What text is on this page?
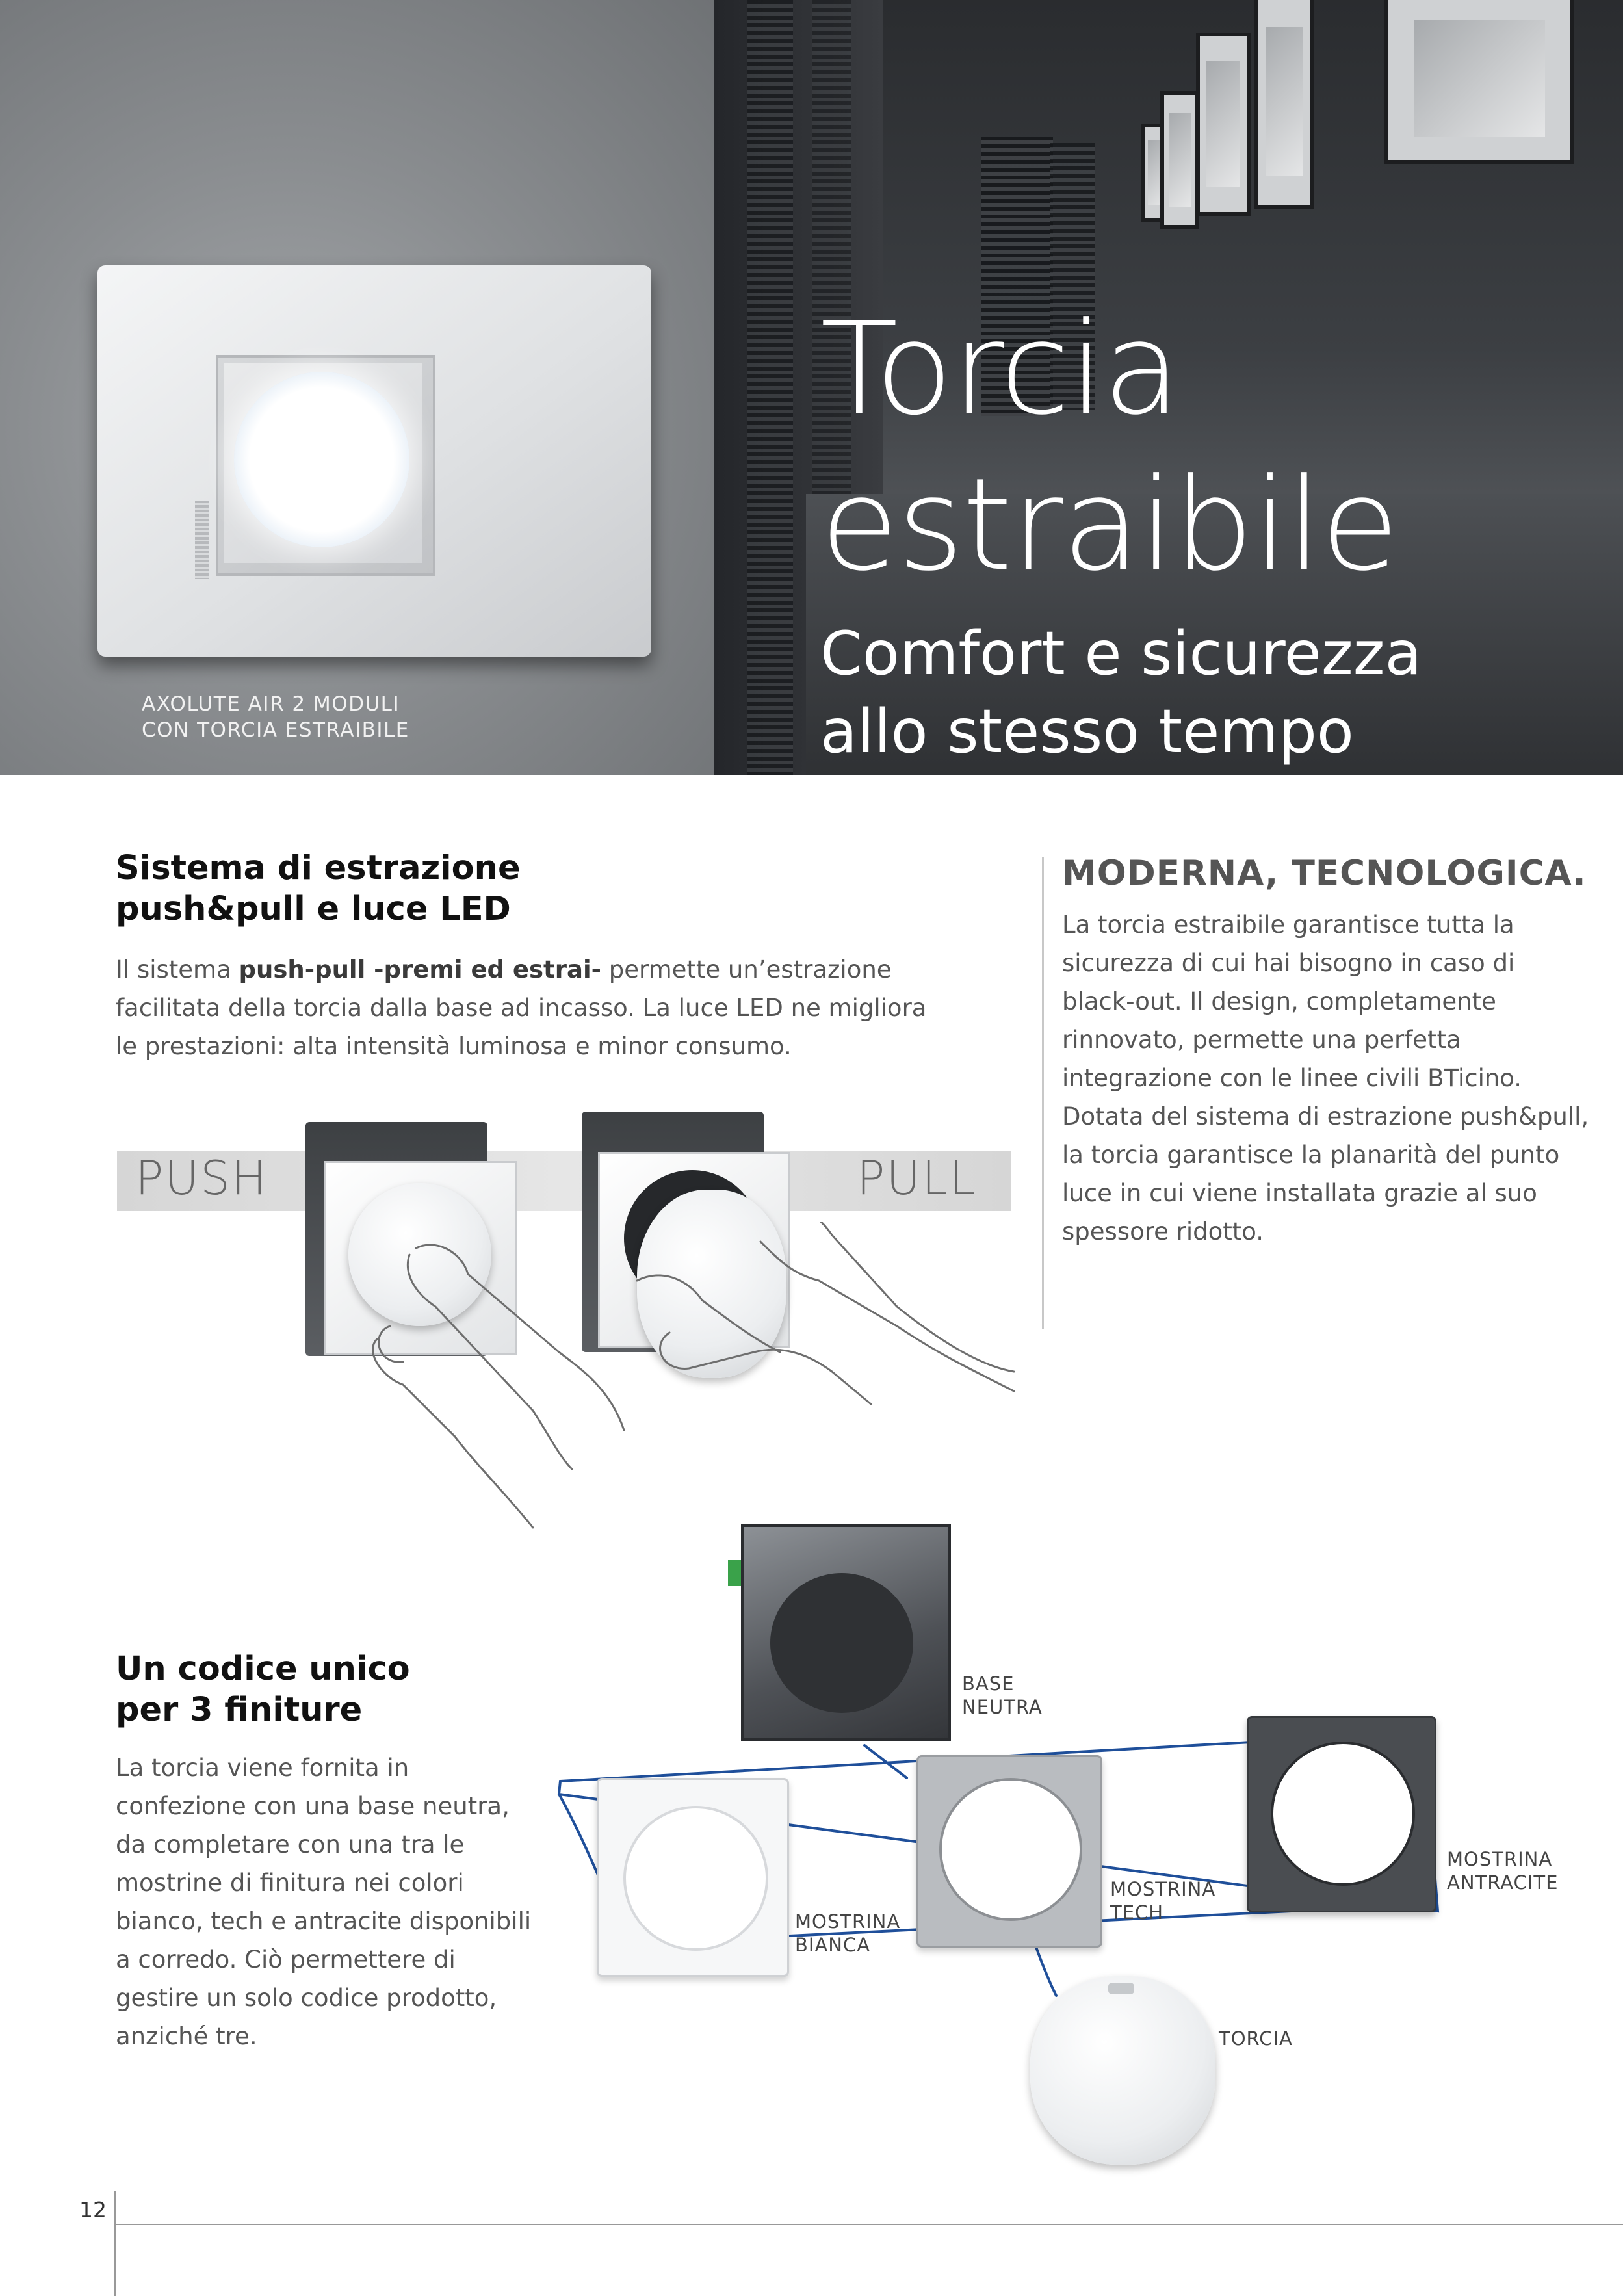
AXOLUTE AIR 2 MODULI
CON TORCIA ESTRAIBILE
Torcia
estraibile
Comfort e sicurezza
allo stesso tempo
Sistema di estrazione
push&pull e luce LED
Il sistema push-pull -premi ed estrai- permette un’estrazione facilitata della torcia dalla base ad incasso. La luce LED ne migliora le prestazioni: alta intensità luminosa e minor consumo.
MODERNA, TECNOLOGICA.
La torcia estraibile garantisce tutta la sicurezza di cui hai bisogno in caso di black-out. Il design, completamente rinnovato, permette una perfetta integrazione con le linee civili BTicino. Dotata del sistema di estrazione push&pull, la torcia garantisce la planarità del punto luce in cui viene installata grazie al suo spessore ridotto.
PUSH	PULL
Un codice unico
per 3 finiture
La torcia viene fornita in confezione con una base neutra, da completare con una tra le mostrine di finitura nei colori bianco, tech e antracite disponibili a corredo. Ciò permettere di gestire un solo codice prodotto, anziché tre.
BASE
NEUTRA
MOSTRINA
BIANCA
MOSTRINA
TECH
MOSTRINA
ANTRACITE
TORCIA
12
